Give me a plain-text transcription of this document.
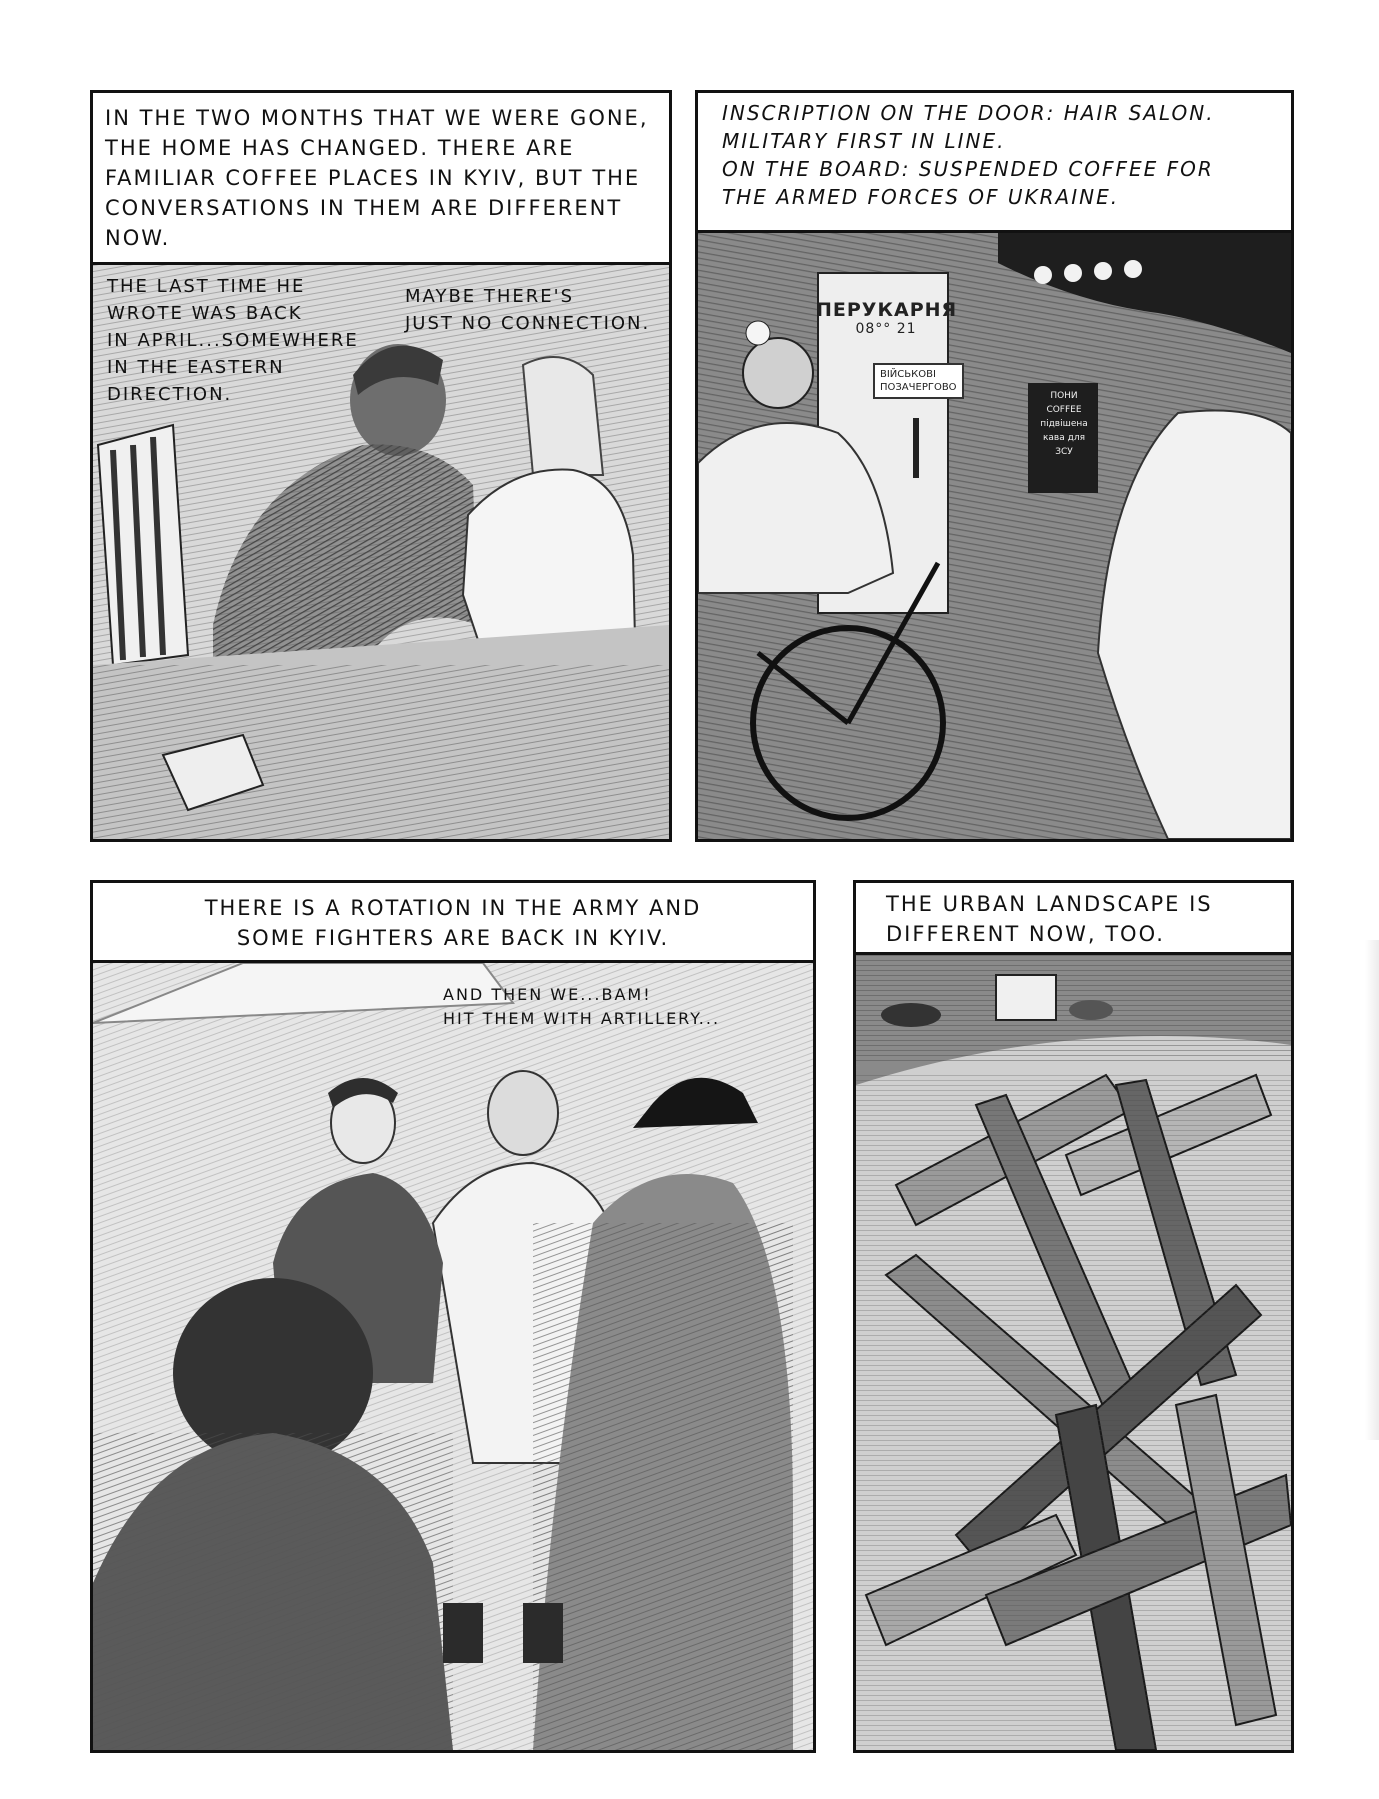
IN THE TWO MONTHS THAT WE WERE GONE,
THE HOME HAS CHANGED. THERE ARE
FAMILIAR COFFEE PLACES IN KYIV, BUT THE
CONVERSATIONS IN THEM ARE DIFFERENT NOW.
THE LAST TIME HE
WROTE WAS BACK
IN APRIL...SOMEWHERE
IN THE EASTERN
DIRECTION.
MAYBE THERE'S
JUST NO CONNECTION.
INSCRIPTION ON THE DOOR: HAIR SALON.
MILITARY FIRST IN LINE.
ON THE BOARD: SUSPENDED COFFEE FOR
THE ARMED FORCES OF UKRAINE.
ПЕРУКАРНЯ
08°° 21
ВІЙСЬКОВІ
ПОЗАЧЕРГОВО
ПОНИ COFFEE
підвішена
кава для
ЗСУ
THERE IS A ROTATION IN THE ARMY AND
SOME FIGHTERS ARE BACK IN KYIV.
AND THEN WE...BAM!
HIT THEM WITH ARTILLERY...
THE URBAN LANDSCAPE IS
DIFFERENT NOW, TOO.
